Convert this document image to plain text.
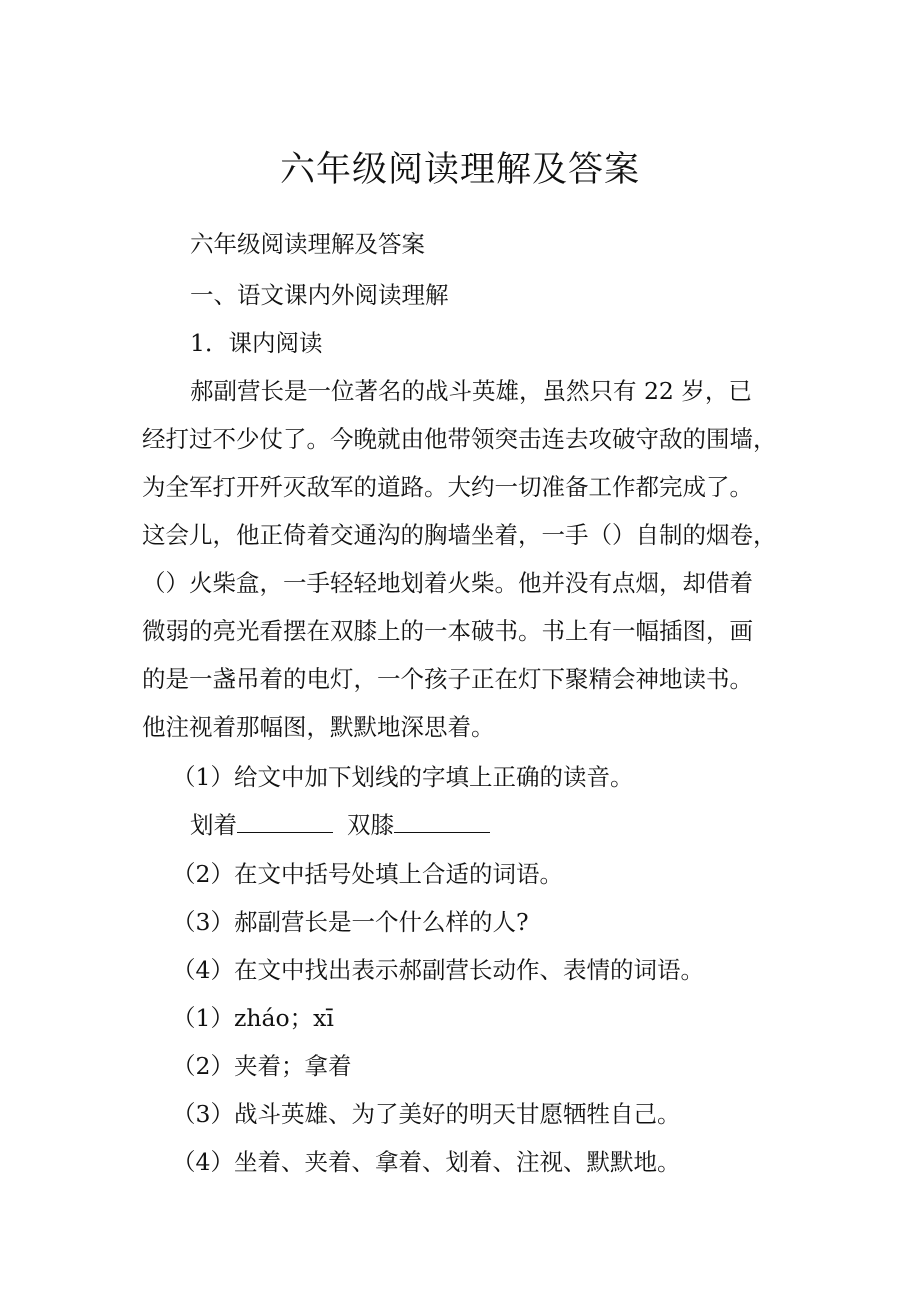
六年级阅读理解及答案
六年级阅读理解及答案
一、语文课内外阅读理解
1．课内阅读
郝副营长是一位著名的战斗英雄，虽然只有 22 岁，已
经打过不少仗了。今晚就由他带领突击连去攻破守敌的围墙，
为全军打开歼灭敌军的道路。大约一切准备工作都完成了。
这会儿，他正倚着交通沟的胸墙坐着，一手（）自制的烟卷，
（）火柴盒，一手轻轻地划着火柴。他并没有点烟，却借着
微弱的亮光看摆在双膝上的一本破书。书上有一幅插图，画
的是一盏吊着的电灯，一个孩子正在灯下聚精会神地读书。
他注视着那幅图，默默地深思着。
（1）给文中加下划线的字填上正确的读音。
划着	双膝
（2）在文中括号处填上合适的词语。
（3）郝副营长是一个什么样的人?
（4）在文中找出表示郝副营长动作、表情的词语。
（1）zháo；xī
（2）夹着；拿着
（3）战斗英雄、为了美好的明天甘愿牺牲自己。
（4）坐着、夹着、拿着、划着、注视、默默地。
